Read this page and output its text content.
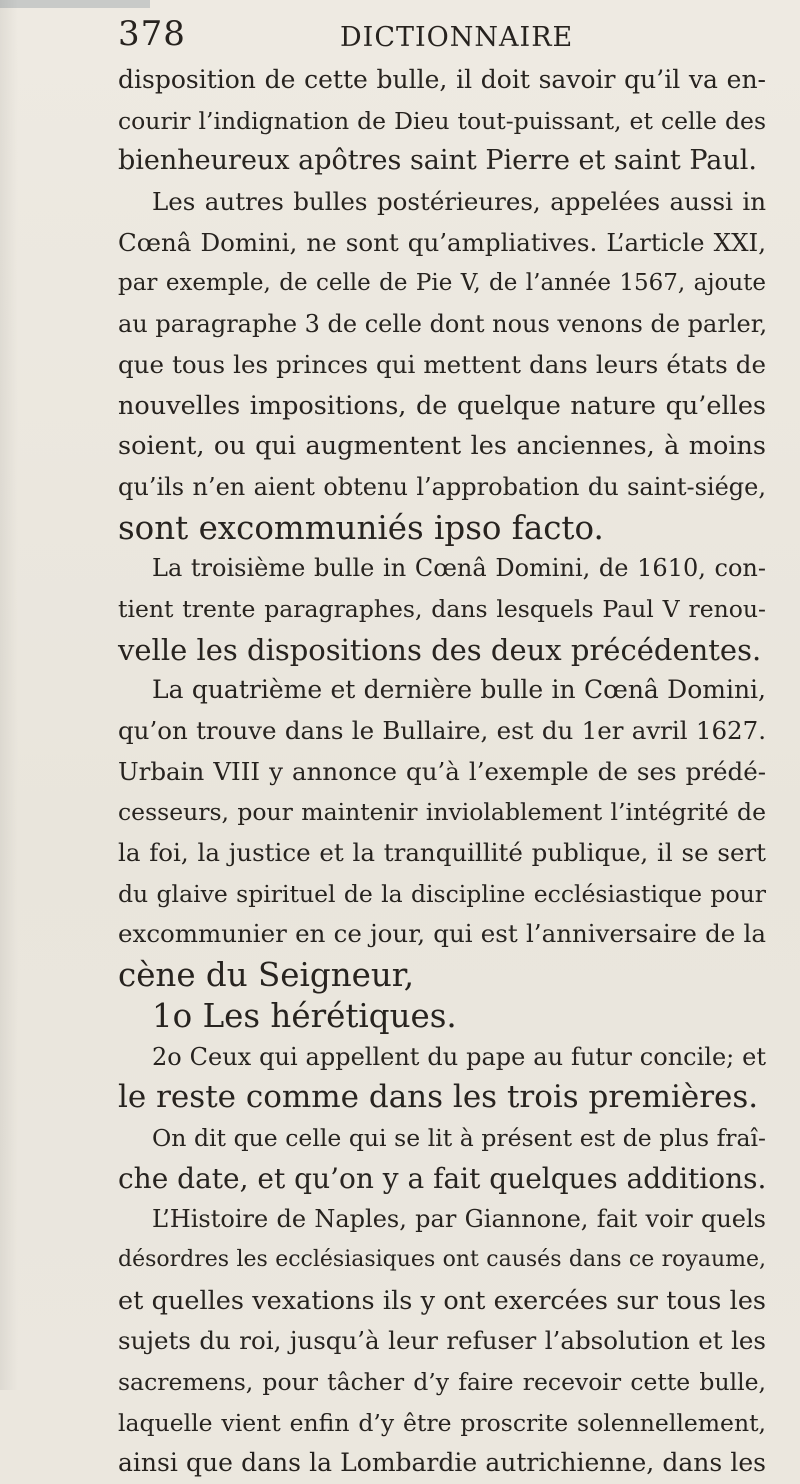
378	DICTIONNAIRE
disposition de cette bulle, il doit savoir qu’il va en-
courir l’indignation de Dieu tout-puissant, et celle des
bienheureux apôtres saint Pierre et saint Paul.
Les autres bulles postérieures, appelées aussi in
Cœnâ Domini, ne sont qu’ampliatives. L’article XXI,
par exemple, de celle de Pie V, de l’année 1567, ajoute
au paragraphe 3 de celle dont nous venons de parler,
que tous les princes qui mettent dans leurs états de
nouvelles impositions, de quelque nature qu’elles
soient, ou qui augmentent les anciennes, à moins
qu’ils n’en aient obtenu l’approbation du saint-siége,
sont excommuniés ipso facto.
La troisième bulle in Cœnâ Domini, de 1610, con-
tient trente paragraphes, dans lesquels Paul V renou-
velle les dispositions des deux précédentes.
La quatrième et dernière bulle in Cœnâ Domini,
qu’on trouve dans le Bullaire, est du 1er avril 1627.
Urbain VIII y annonce qu’à l’exemple de ses prédé-
cesseurs, pour maintenir inviolablement l’intégrité de
la foi, la justice et la tranquillité publique, il se sert
du glaive spirituel de la discipline ecclésiastique pour
excommunier en ce jour, qui est l’anniversaire de la
cène du Seigneur,
1o Les hérétiques.
2o Ceux qui appellent du pape au futur concile; et
le reste comme dans les trois premières.
On dit que celle qui se lit à présent est de plus fraî-
che date, et qu’on y a fait quelques additions.
L’Histoire de Naples, par Giannone, fait voir quels
désordres les ecclésiasiques ont causés dans ce royaume,
et quelles vexations ils y ont exercées sur tous les
sujets du roi, jusqu’à leur refuser l’absolution et les
sacremens, pour tâcher d’y faire recevoir cette bulle,
laquelle vient enfin d’y être proscrite solennellement,
ainsi que dans la Lombardie autrichienne, dans les
